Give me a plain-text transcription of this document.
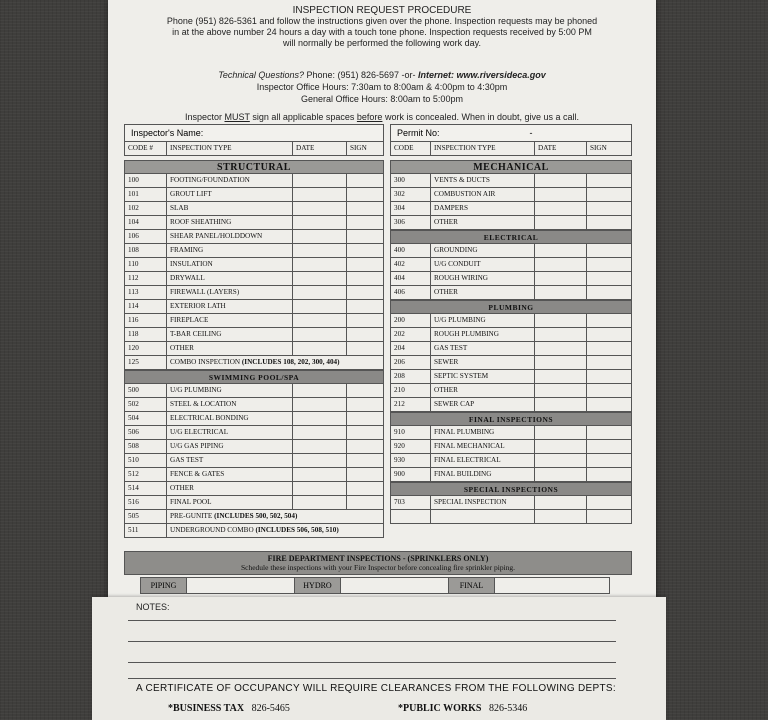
INSPECTION REQUEST PROCEDURE
Phone (951) 826-5361 and follow the instructions given over the phone. Inspection requests may be phoned
in at the above number 24 hours a day with a touch tone phone. Inspection requests received by 5:00 PM
will normally be performed the following work day.
Technical Questions? Phone: (951) 826-5697 -or- Internet: www.riversideca.gov
Inspector Office Hours: 7:30am to 8:00am & 4:00pm to 4:30pm
General Office Hours: 8:00am to 5:00pm
Inspector MUST sign all applicable spaces before work is concealed. When in doubt, give us a call.
Inspector's Name:
CODE #	INSPECTION TYPE	DATE	SIGN
STRUCTURAL
100	FOOTING/FOUNDATION
101	GROUT LIFT
102	SLAB
104	ROOF SHEATHING
106	SHEAR PANEL/HOLDDOWN
108	FRAMING
110	INSULATION
112	DRYWALL
113	FIREWALL (LAYERS)
114	EXTERIOR LATH
116	FIREPLACE
118	T-BAR CEILING
120	OTHER
125	COMBO INSPECTION (INCLUDES 108, 202, 300, 404)
SWIMMING POOL/SPA
500	U/G PLUMBING
502	STEEL & LOCATION
504	ELECTRICAL BONDING
506	U/G ELECTRICAL
508	U/G GAS PIPING
510	GAS TEST
512	FENCE & GATES
514	OTHER
516	FINAL POOL
505	PRE-GUNITE (INCLUDES 500, 502, 504)
511	UNDERGROUND COMBO (INCLUDES 506, 508, 510)
Permit No:	-
CODE	INSPECTION TYPE	DATE	SIGN
MECHANICAL
300	VENTS & DUCTS
302	COMBUSTION AIR
304	DAMPERS
306	OTHER
ELECTRICAL
400	GROUNDING
402	U/G CONDUIT
404	ROUGH WIRING
406	OTHER
PLUMBING
200	U/G PLUMBING
202	ROUGH PLUMBING
204	GAS TEST
206	SEWER
208	SEPTIC SYSTEM
210	OTHER
212	SEWER CAP
FINAL INSPECTIONS
910	FINAL PLUMBING
920	FINAL MECHANICAL
930	FINAL ELECTRICAL
900	FINAL BUILDING
SPECIAL INSPECTIONS
703	SPECIAL INSPECTION
FIRE DEPARTMENT INSPECTIONS - (SPRINKLERS ONLY)
Schedule these inspections with your Fire Inspector before concealing fire sprinkler piping.
PIPING	HYDRO	FINAL
NOTES:
A CERTIFICATE OF OCCUPANCY WILL REQUIRE CLEARANCES FROM THE FOLLOWING DEPTS:
*BUSINESS TAX 826-5465	*PUBLIC WORKS 826-5346
